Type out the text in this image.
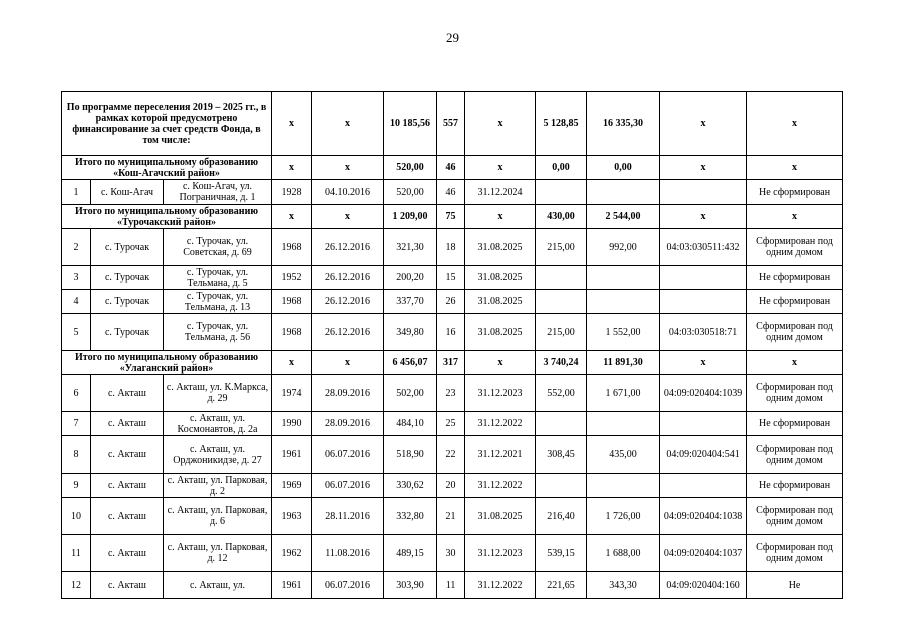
29
По программе переселения 2019 – 2025 гг., в рамках которой предусмотрено финансирование за счет средств Фонда, в том числе:			x	x	10 185,56	557	x	5 128,85	16 335,30	x	x
Итого по муниципальному образованию «Кош-Агачский район»			x	x	520,00	46	x	0,00	0,00	x	x
1	с. Кош-Агач	с. Кош-Агач, ул. Пограничная, д. 1	1928	04.10.2016	520,00	46	31.12.2024				Не сформирован
Итого по муниципальному образованию «Турочакский район»			x	x	1 209,00	75	x	430,00	2 544,00	x	x
2	с. Турочак	с. Турочак, ул. Советская, д. 69	1968	26.12.2016	321,30	18	31.08.2025	215,00	992,00	04:03:030511:432	Сформирован под одним домом
3	с. Турочак	с. Турочак, ул. Тельмана, д. 5	1952	26.12.2016	200,20	15	31.08.2025				Не сформирован
4	с. Турочак	с. Турочак, ул. Тельмана, д. 13	1968	26.12.2016	337,70	26	31.08.2025				Не сформирован
5	с. Турочак	с. Турочак, ул. Тельмана, д. 56	1968	26.12.2016	349,80	16	31.08.2025	215,00	1 552,00	04:03:030518:71	Сформирован под одним домом
Итого по муниципальному образованию «Улаганский район»			x	x	6 456,07	317	x	3 740,24	11 891,30	x	x
6	с. Акташ	с. Акташ, ул. К.Маркса, д. 29	1974	28.09.2016	502,00	23	31.12.2023	552,00	1 671,00	04:09:020404:1039	Сформирован под одним домом
7	с. Акташ	с. Акташ, ул. Космонавтов, д. 2а	1990	28.09.2016	484,10	25	31.12.2022				Не сформирован
8	с. Акташ	с. Акташ, ул. Орджоникидзе, д. 27	1961	06.07.2016	518,90	22	31.12.2021	308,45	435,00	04:09:020404:541	Сформирован под одним домом
9	с. Акташ	с. Акташ, ул. Парковая, д. 2	1969	06.07.2016	330,62	20	31.12.2022				Не сформирован
10	с. Акташ	с. Акташ, ул. Парковая, д. 6	1963	28.11.2016	332,80	21	31.08.2025	216,40	1 726,00	04:09:020404:1038	Сформирован под одним домом
11	с. Акташ	с. Акташ, ул. Парковая, д. 12	1962	11.08.2016	489,15	30	31.12.2023	539,15	1 688,00	04:09:020404:1037	Сформирован под одним домом
12	с. Акташ	с. Акташ, ул.	1961	06.07.2016	303,90	11	31.12.2022	221,65	343,30	04:09:020404:160	Не
